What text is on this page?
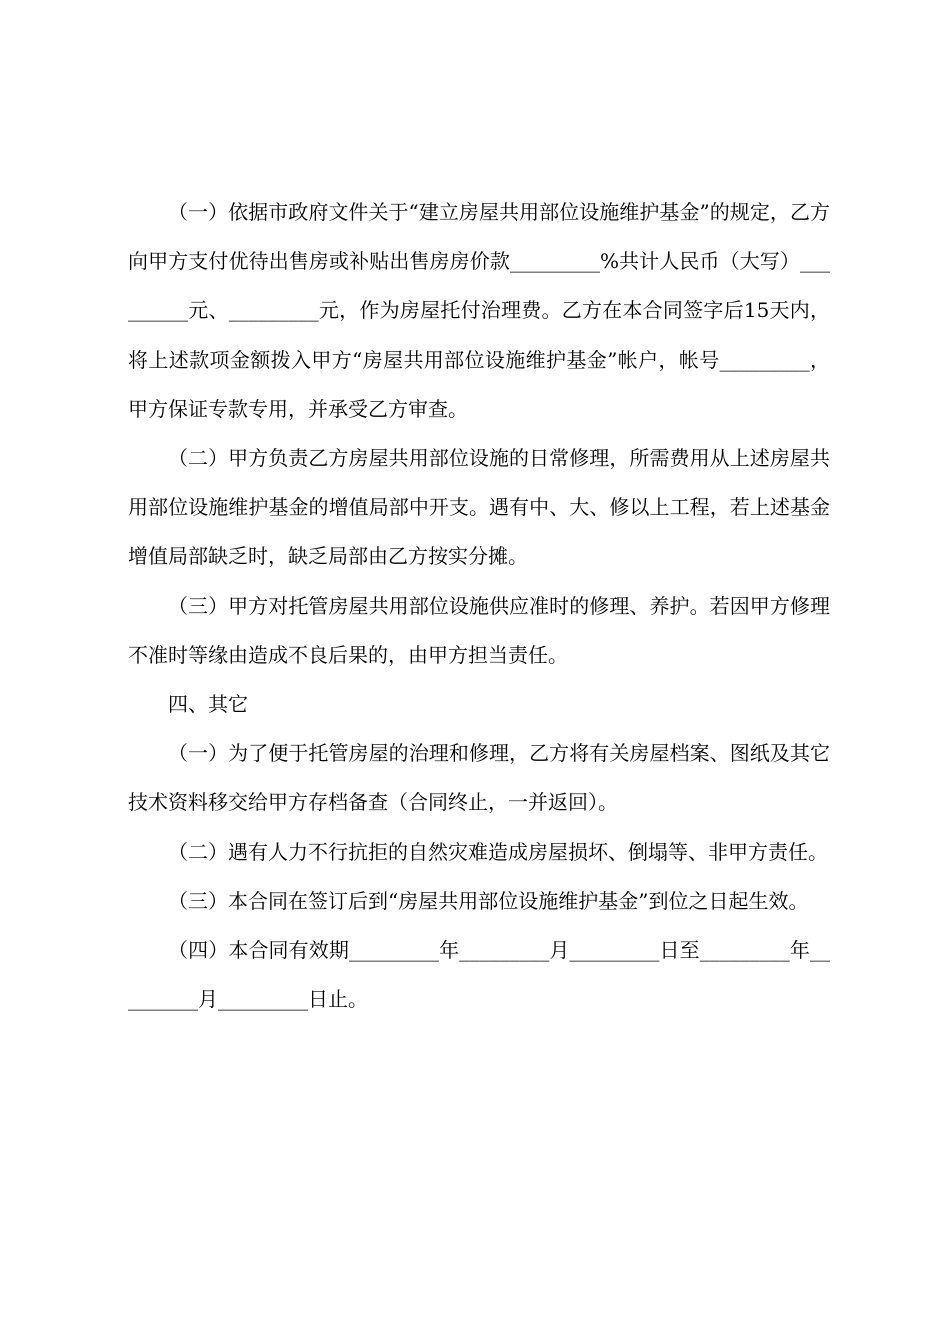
（一）依据市政府文件关于“建立房屋共用部位设施维护基金”的规定，乙方向甲方支付优待出售房或补贴出售房房价款_________%共计人民币（大写）_________元、_________元，作为房屋托付治理费。乙方在本合同签字后15天内，将上述款项金额拨入甲方“房屋共用部位设施维护基金”帐户，帐号_________，甲方保证专款专用，并承受乙方审查。

（二）甲方负责乙方房屋共用部位设施的日常修理，所需费用从上述房屋共用部位设施维护基金的增值局部中开支。遇有中、大、修以上工程，若上述基金增值局部缺乏时，缺乏局部由乙方按实分摊。

（三）甲方对托管房屋共用部位设施供应准时的修理、养护。若因甲方修理不准时等缘由造成不良后果的，由甲方担当责任。

四、其它

（一）为了便于托管房屋的治理和修理，乙方将有关房屋档案、图纸及其它技术资料移交给甲方存档备查（合同终止，一并返回）。

（二）遇有人力不行抗拒的自然灾难造成房屋损坏、倒塌等、非甲方责任。

（三）本合同在签订后到“房屋共用部位设施维护基金”到位之日起生效。

（四）本合同有效期_________年_________月_________日至_________年_________月_________日止。
